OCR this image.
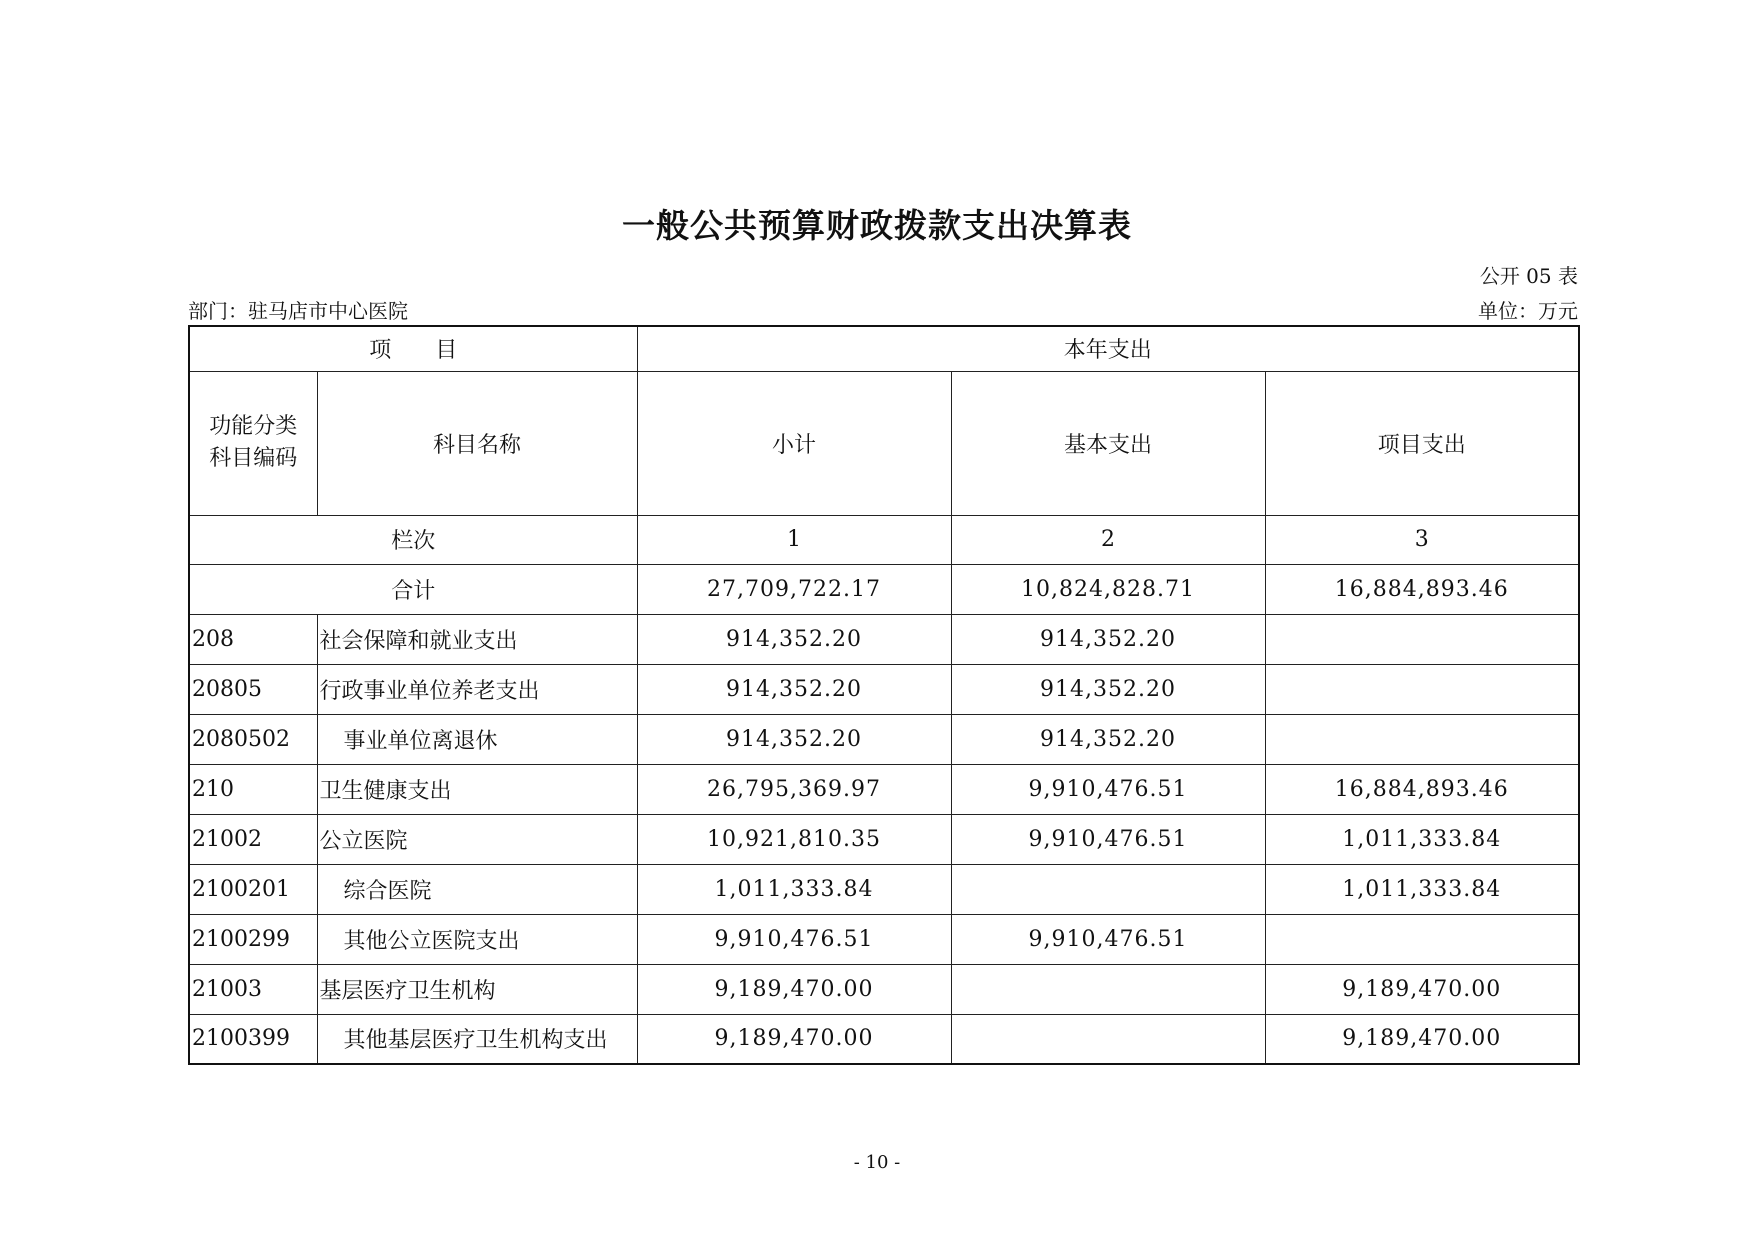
一般公共预算财政拨款支出决算表
公开 05 表
部门：驻马店市中心医院	单位：万元
项　　目		本年支出		

功能分类科目编码	科目名称	小计	基本支出	项目支出
栏次		1	2	3
合计		27,709,722.17	10,824,828.71	16,884,893.46
208	社会保障和就业支出	914,352.20	914,352.20	
20805	行政事业单位养老支出	914,352.20	914,352.20	
2080502	事业单位离退休	914,352.20	914,352.20	
210	卫生健康支出	26,795,369.97	9,910,476.51	16,884,893.46
21002	公立医院	10,921,810.35	9,910,476.51	1,011,333.84
2100201	综合医院	1,011,333.84		1,011,333.84
2100299	其他公立医院支出	9,910,476.51	9,910,476.51	
21003	基层医疗卫生机构	9,189,470.00		9,189,470.00
2100399	其他基层医疗卫生机构支出	9,189,470.00		9,189,470.00
- 10 -
